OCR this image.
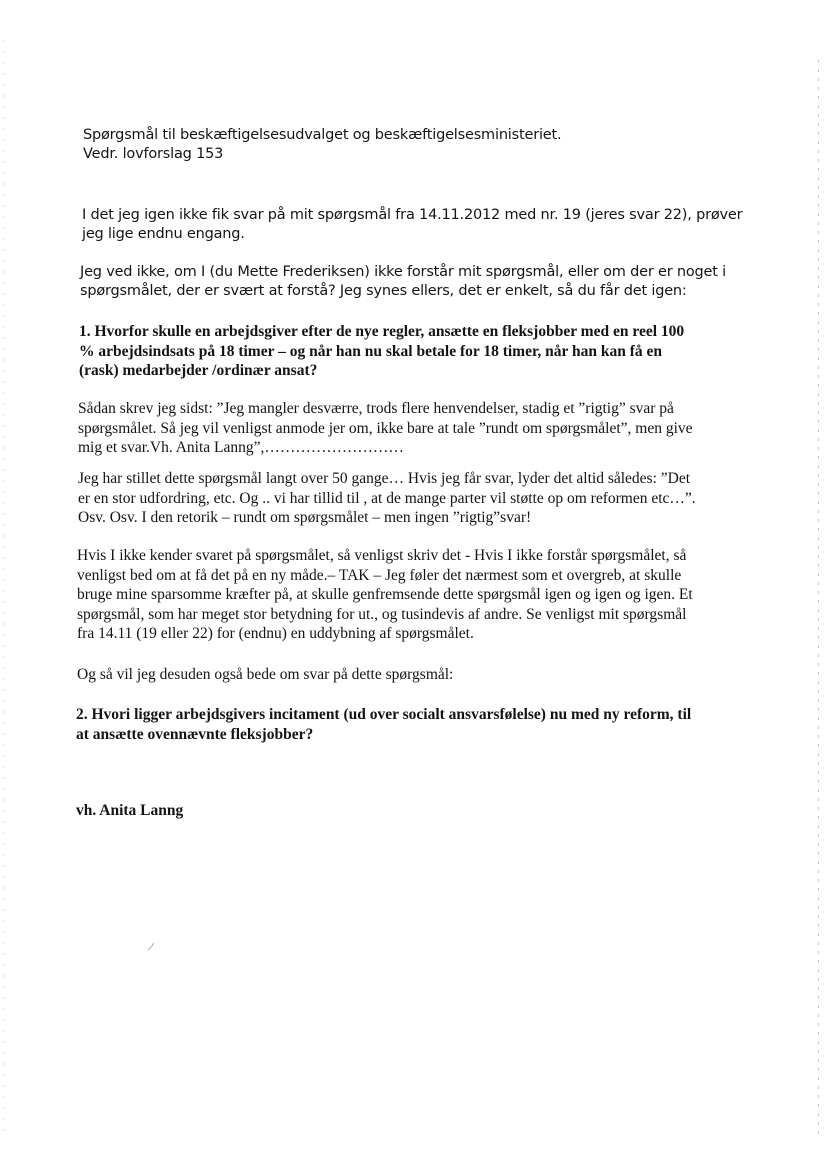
Spørgsmål til beskæftigelsesudvalget og beskæftigelsesministeriet.
Vedr. lovforslag 153

I det jeg igen ikke fik svar på mit spørgsmål fra 14.11.2012 med nr. 19 (jeres svar 22), prøver
jeg lige endnu engang.

Jeg ved ikke, om I (du Mette Frederiksen) ikke forstår mit spørgsmål, eller om der er noget i
spørgsmålet, der er svært at forstå? Jeg synes ellers, det er enkelt, så du får det igen:

1. Hvorfor skulle en arbejdsgiver efter de nye regler, ansætte en fleksjobber med en reel 100
% arbejdsindsats på 18 timer – og når han nu skal betale for 18 timer, når han kan få en
(rask) medarbejder /ordinær ansat?

Sådan skrev jeg sidst: ”Jeg mangler desværre, trods flere henvendelser, stadig et ”rigtig” svar på
spørgsmålet. Så jeg vil venligst anmode jer om, ikke bare at tale ”rundt om spørgsmålet”, men give
mig et svar.Vh. Anita Lanng”,………………………

Jeg har stillet dette spørgsmål langt over 50 gange… Hvis jeg får svar, lyder det altid således: ”Det
er en stor udfordring, etc. Og .. vi har tillid til , at de mange parter vil støtte op om reformen etc…”.
Osv. Osv. I den retorik – rundt om spørgsmålet – men ingen ”rigtig”svar!

Hvis I ikke kender svaret på spørgsmålet, så venligst skriv det - Hvis I ikke forstår spørgsmålet, så
venligst bed om at få det på en ny måde.– TAK – Jeg føler det nærmest som et overgreb, at skulle
bruge mine sparsomme kræfter på, at skulle genfremsende dette spørgsmål igen og igen og igen. Et
spørgsmål, som har meget stor betydning for ut., og tusindevis af andre. Se venligst mit spørgsmål
fra 14.11 (19 eller 22) for (endnu) en uddybning af spørgsmålet.

Og så vil jeg desuden også bede om svar på dette spørgsmål:

2. Hvori ligger arbejdsgivers incitament (ud over socialt ansvarsfølelse) nu med ny reform, til
at ansætte ovennævnte fleksjobber?

vh. Anita Lanng
